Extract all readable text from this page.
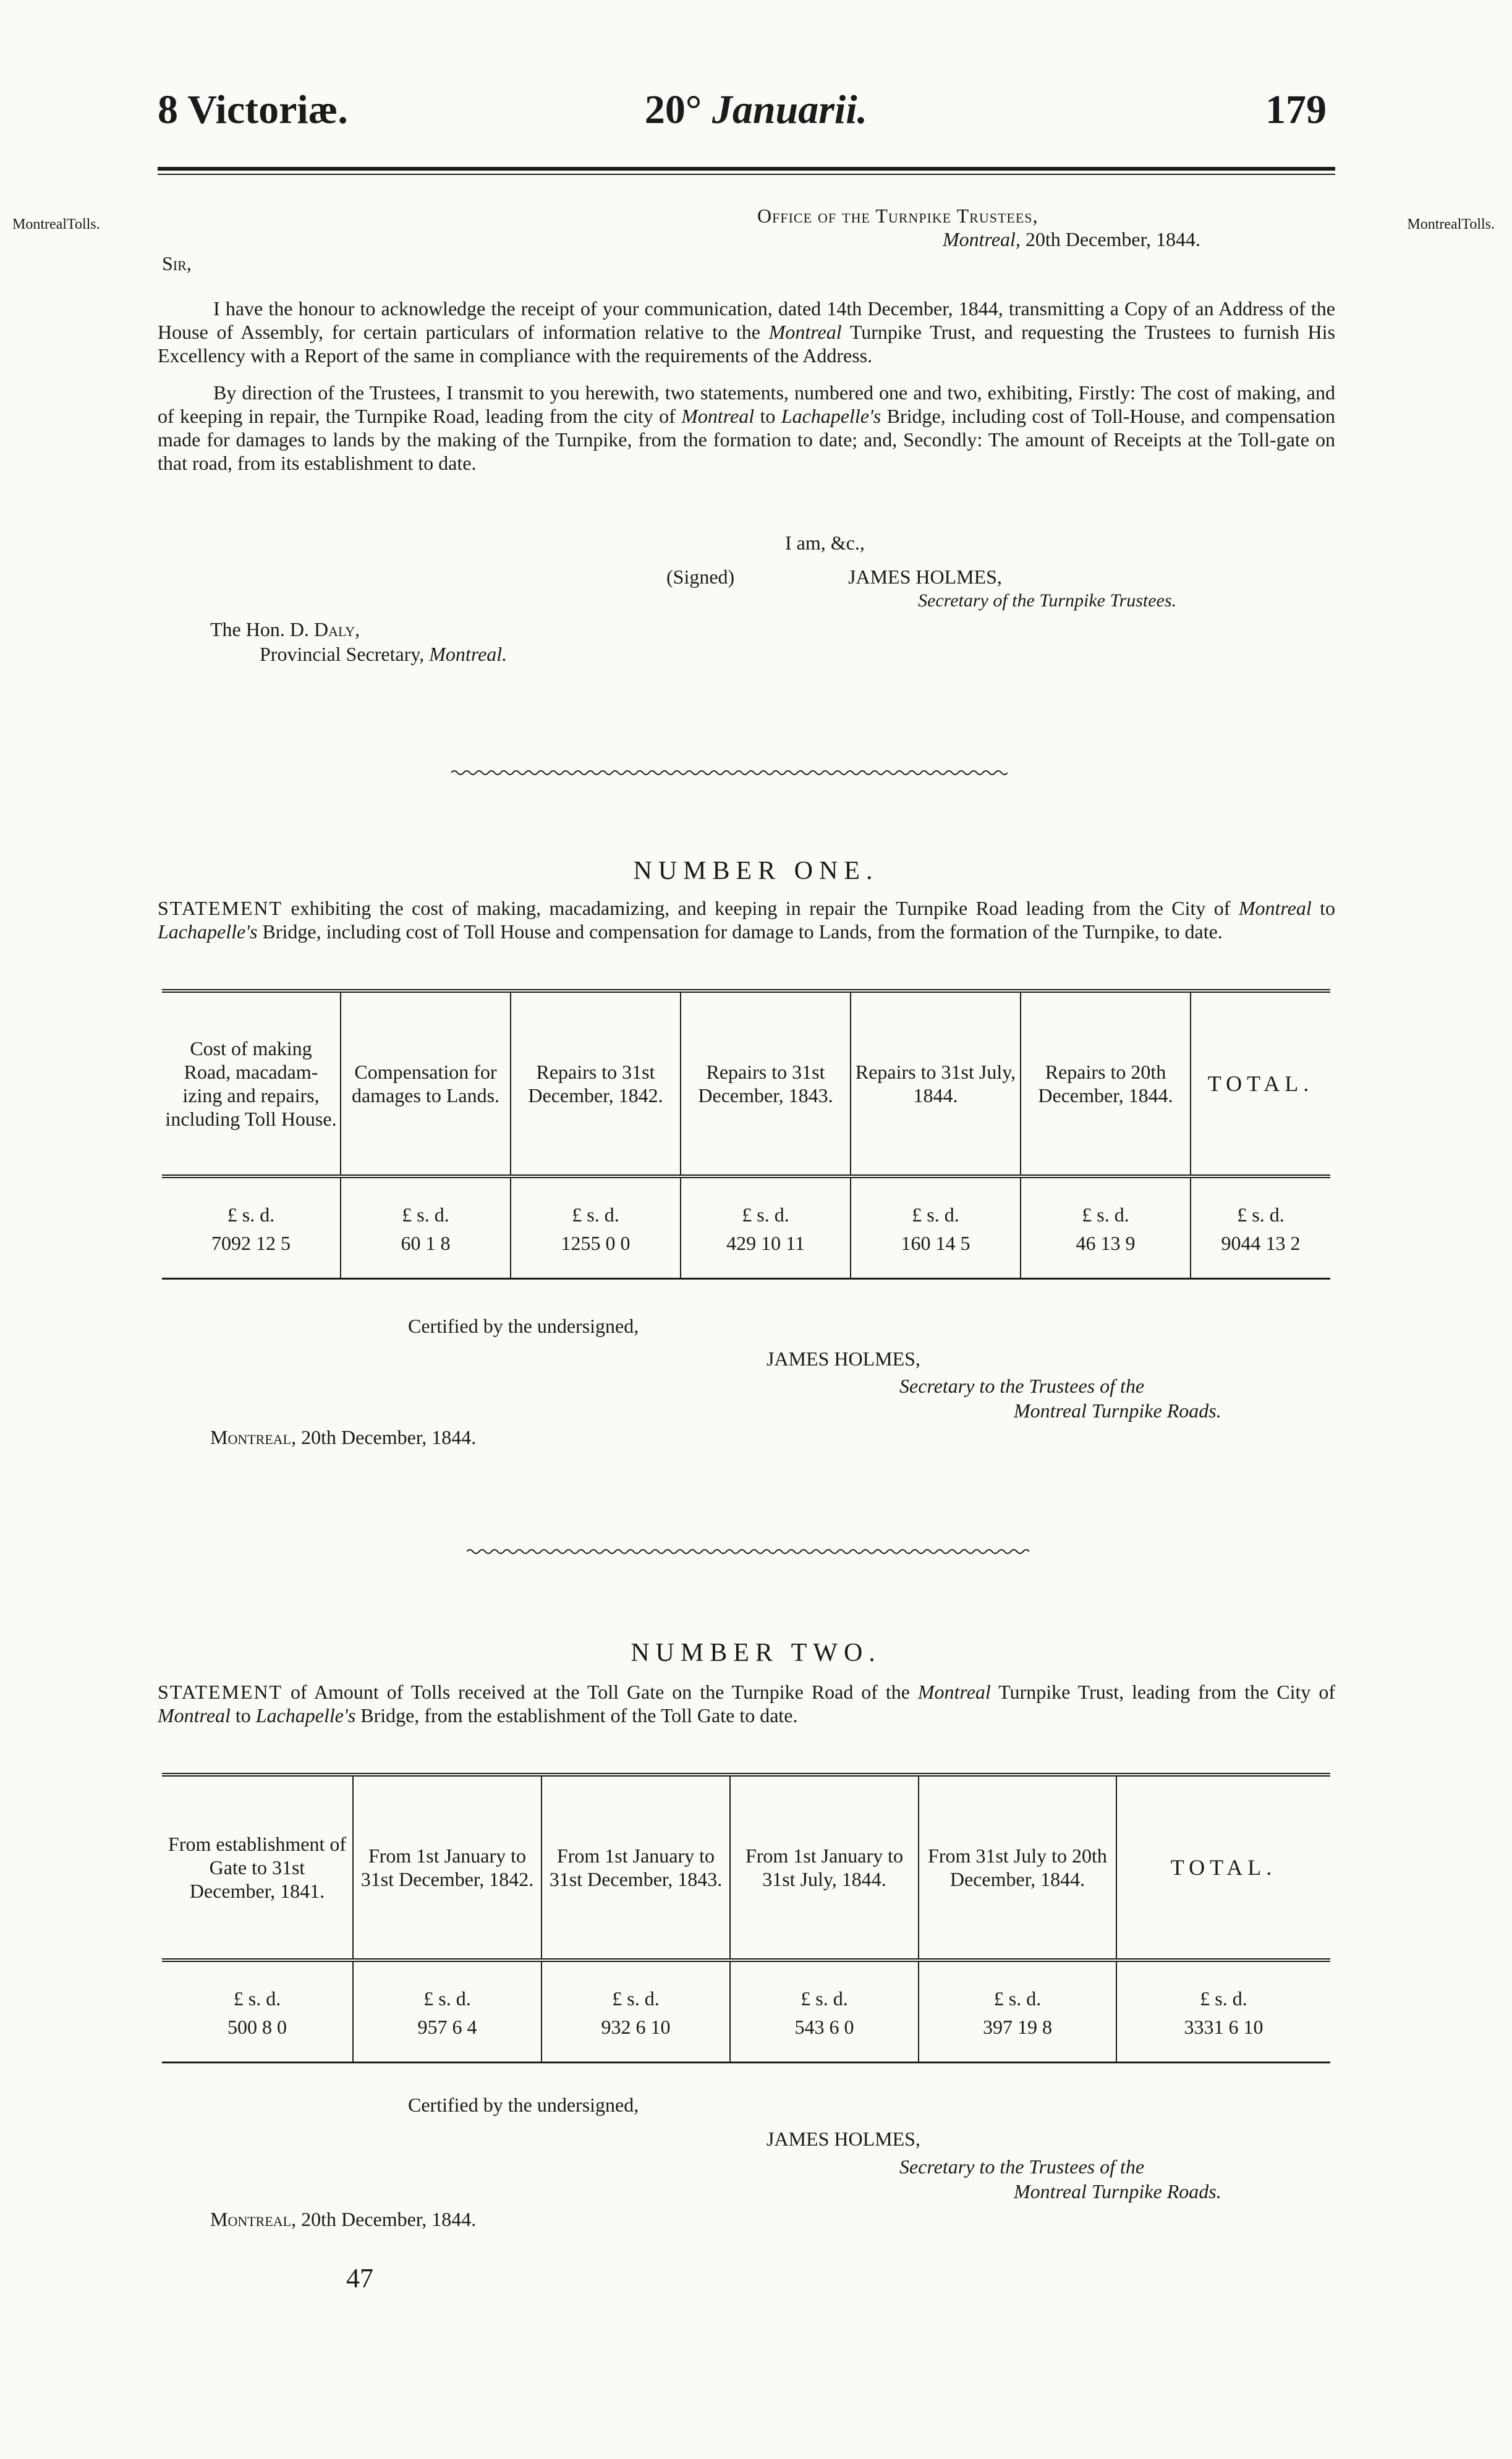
8 Victoriæ.	20° Januarii.	179
MontrealTolls.	MontrealTolls.
Office of the Turnpike Trustees,
Montreal, 20th December, 1844.
Sir,

I have the honour to acknowledge the receipt of your communication, dated 14th December, 1844, transmitting a Copy of an Address of the House of Assembly, for certain particulars of information relative to the Montreal Turnpike Trust, and requesting the Trustees to furnish His Excellency with a Report of the same in compliance with the requirements of the Address.

By direction of the Trustees, I transmit to you herewith, two statements, numbered one and two, exhibiting, Firstly: The cost of making, and of keeping in repair, the Turnpike Road, leading from the city of Montreal to Lachapelle's Bridge, including cost of Toll-House, and compensation made for damages to lands by the making of the Turnpike, from the formation to date; and, Secondly: The amount of Receipts at the Toll-gate on that road, from its establishment to date.

I am, &c.,
(Signed)	JAMES HOLMES,
Secretary of the Turnpike Trustees.
The Hon. D. Daly,
Provincial Secretary, Montreal.
NUMBER ONE.
STATEMENT exhibiting the cost of making, macadamizing, and keeping in repair the Turnpike Road leading from the City of Montreal to Lachapelle's Bridge, including cost of Toll House and compensation for damage to Lands, from the formation of the Turnpike, to date.
Cost of making Road, macadam-izing and repairs, including Toll House.	Compensation for damages to Lands.	Repairs to 31st December, 1842.	Repairs to 31st December, 1843.	Repairs to 31st July, 1844.	Repairs to 20th December, 1844.	TOTAL.
£ s. d.	£ s. d.	£ s. d.	£ s. d.	£ s. d.	£ s. d.	£ s. d.
7092 12 5	60 1 8	1255 0 0	429 10 11	160 14 5	46 13 9	9044 13 2
Certified by the undersigned,
JAMES HOLMES,
Secretary to the Trustees of the
Montreal Turnpike Roads.
Montreal, 20th December, 1844.
NUMBER TWO.
STATEMENT of Amount of Tolls received at the Toll Gate on the Turnpike Road of the Montreal Turnpike Trust, leading from the City of Montreal to Lachapelle's Bridge, from the establishment of the Toll Gate to date.
From establishment of Gate to 31st December, 1841.	From 1st January to 31st December, 1842.	From 1st January to 31st December, 1843.	From 1st January to 31st July, 1844.	From 31st July to 20th December, 1844.	TOTAL.
£ s. d.	£ s. d.	£ s. d.	£ s. d.	£ s. d.	£ s. d.
500 8 0	957 6 4	932 6 10	543 6 0	397 19 8	3331 6 10
Certified by the undersigned,
JAMES HOLMES,
Secretary to the Trustees of the
Montreal Turnpike Roads.
Montreal, 20th December, 1844.
47
